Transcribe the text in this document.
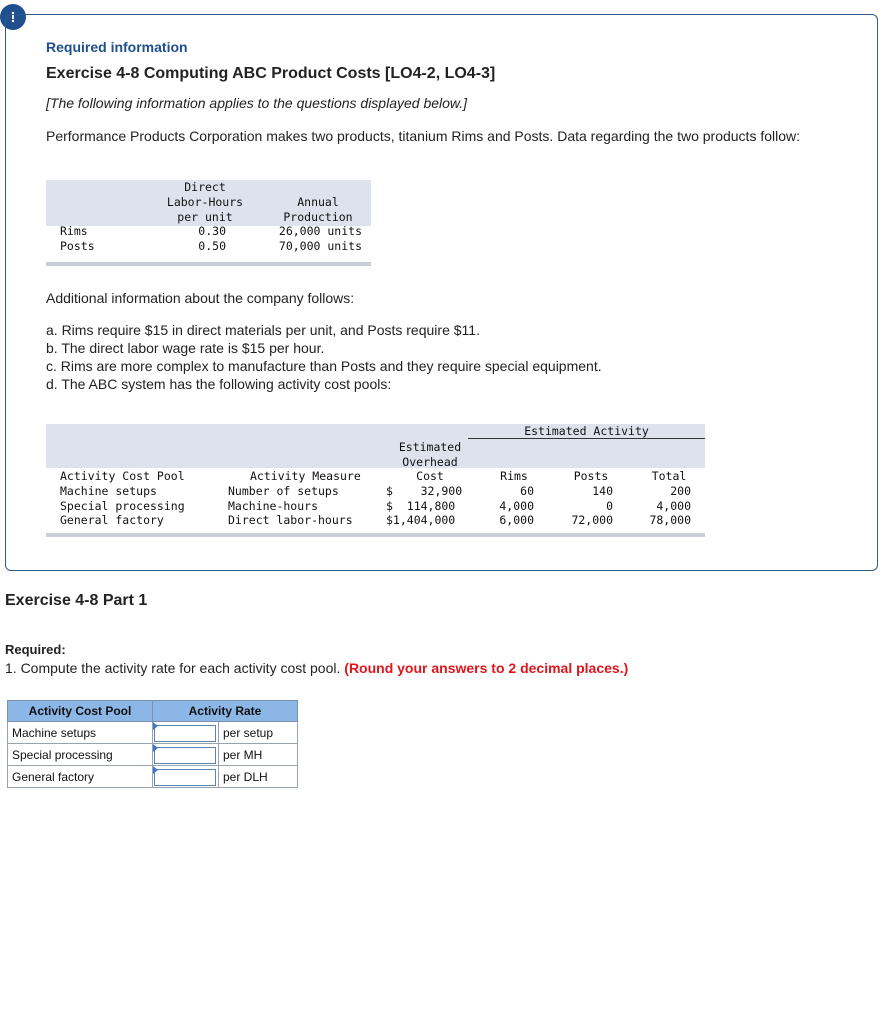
!
Required information
Exercise 4-8 Computing ABC Product Costs [LO4-2, LO4-3]
[The following information applies to the questions displayed below.]
Performance Products Corporation makes two products, titanium Rims and Posts. Data regarding the two products follow:
Direct
Labor-Hours
per unit
Annual
Production
Rims	0.30	26,000 units
Posts	0.50	70,000 units
Additional information about the company follows:
a. Rims require $15 in direct materials per unit, and Posts require $11.
b. The direct labor wage rate is $15 per hour.
c. Rims are more complex to manufacture than Posts and they require special equipment.
d. The ABC system has the following activity cost pools:
Estimated Activity
Estimated
Overhead
Cost
Activity Cost Pool	Activity Measure	Rims	Posts	Total
Machine setups	Number of setups	$    32,900	60	140	200
Special processing	Machine-hours	$  114,800	4,000	0	4,000
General factory	Direct labor-hours	$1,404,000	6,000	72,000	78,000
Exercise 4-8 Part 1
Required:
1. Compute the activity rate for each activity cost pool. (Round your answers to 2 decimal places.)
Activity Cost Pool	Activity Rate	
Machine setups		per setup
Special processing		per MH
General factory		per DLH
